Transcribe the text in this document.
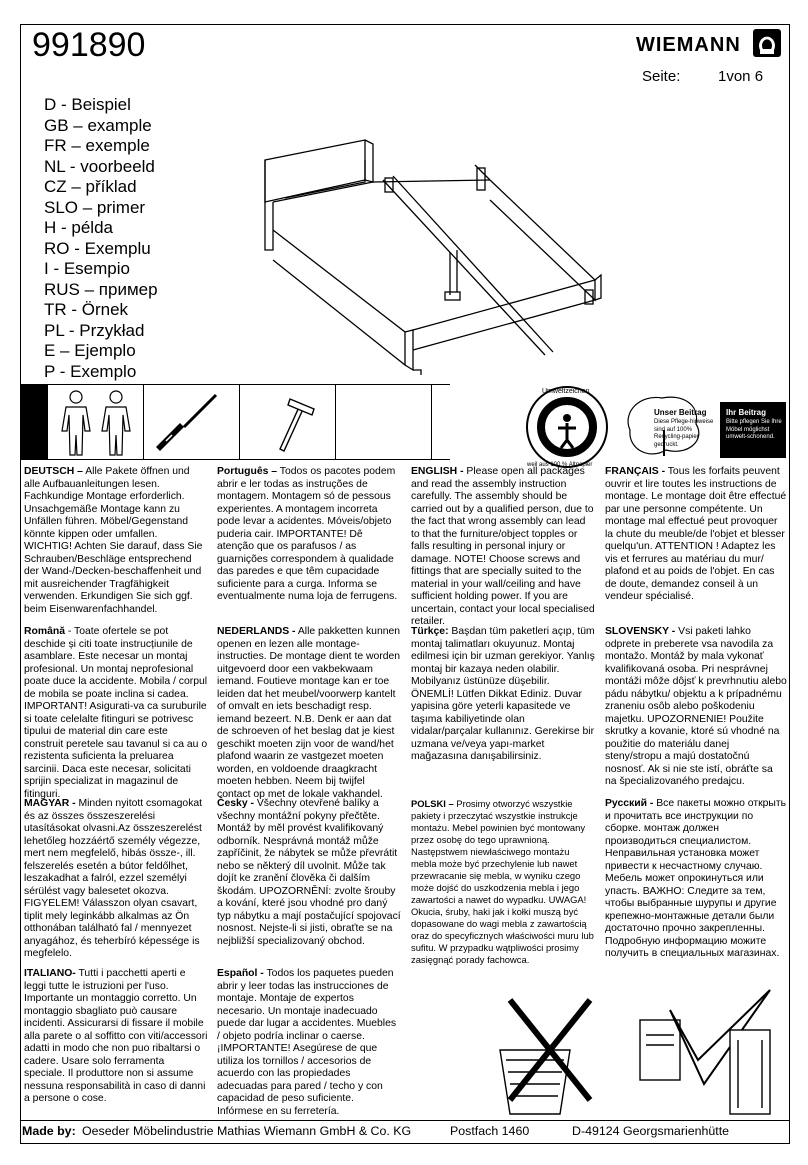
991890	WIEMANN
Seite:	1von 6
D - Beispiel
GB – example
FR – exemple
NL - voorbeeld
CZ – příklad
SLO – primer
H - példa
RO - Exemplu
I - Esempio
RUS – пример
TR - Örnek
PL - Przykład
E – Ejemplo
P - Exemplo
Umweltzeichen
weil aus 100 % Altpapier
Unser Beitrag
Diese Pflege-hinweise sind auf 100% Recycling-papier gedruckt.
Ihr Beitrag
Bitte pflegen Sie Ihre Möbel möglichst umwelt-schonend.

DEUTSCH – Alle Pakete öffnen und alle Aufbauanleitungen lesen. Fachkundige Montage erforderlich. Unsachgemäße Montage kann zu Unfällen führen. Möbel/Gegenstand könnte kippen oder umfallen. WICHTIG! Achten Sie darauf, dass Sie Schrauben/Beschläge entsprechend der Wand-/Decken-beschaffenheit und mit ausreichender Tragfähigkeit verwenden. Erkundigen Sie sich ggf. beim Eisenwarenfachhandel.

Română - Toate ofertele se pot deschide și citi toate instrucțiunile de asamblare. Este necesar un montaj profesional. Un montaj neprofesional poate duce la accidente. Mobila / corpul de mobila se poate inclina si cadea. IMPORTANT! Asigurati-va ca suruburile si toate celelalte fitinguri se potrivesc tipului de material din care este construit peretele sau tavanul si ca au o rezistenta suficienta la preluarea sarcinii. Daca este necesar, solicitati sprijin specializat in magazinul de fitinguri.

MAGYAR - Minden nyitott csomagokat és az összes összeszerelési utasításokat olvasni.Az összeszerelést lehetőleg hozzáértő személy végezze, mert nem megfelelő, hibás össze-, ill. felszerelés esetén a bútor feldőlhet, leszakadhat a falról, ezzel személyi sérülést vagy balesetet okozva. FIGYELEM! Válasszon olyan csavart, tiplit mely leginkább alkalmas az Ön otthonában található fal / mennyezet anyagához, és teherbíró képessége is megfelelo.

ITALIANO- Tutti i pacchetti aperti e leggi tutte le istruzioni per l'uso. Importante un montaggio corretto. Un montaggio sbagliato può causare incidenti. Assicurarsi di fissare il mobile alla parete o al soffitto con viti/accessori adatti in modo che non puo ribaltarsi o cadere. Usare solo ferramenta speciale. Il produttore non si assume nessuna responsabilità in caso di danni a persone o cose.

Português – Todos os pacotes podem abrir e ler todas as instruções de montagem. Montagem só de pessous experientes. A montagem incorreta pode levar a acidentes. Móveis/objeto puderia cair. IMPORTANTE! Dê atenção que os parafusos / as guarnições correspondem à qualidade das paredes e que têm cupacidade suficiente para a curga. Informa se eventualmente numa loja de ferrugens.

NEDERLANDS - Alle pakketten kunnen openen en lezen alle montage-instructies. De montage dient te worden uitgevoerd door een vakbekwaam iemand. Foutieve montage kan er toe leiden dat het meubel/voorwerp kantelt of omvalt en iets beschadigt resp. iemand bezeert. N.B. Denk er aan dat de schroeven of het beslag dat je kiest geschikt moeten zijn voor de wand/het plafond waarin ze vastgezet moeten worden, en voldoende draagkracht moeten hebben. Neem bij twijfel contact op met de lokale vakhandel.

Česky - Všechny otevřené balíky a všechny montážní pokyny přečtěte. Montáž by měl provést kvalifikovaný odborník. Nesprávná montáž může zapříčinit, že nábytek se může převrátit nebo se některý díl uvolnit. Může tak dojít ke zranění člověka či dalším škodám. UPOZORNĚNÍ: zvolte šrouby a kování, které jsou vhodné pro daný typ nábytku a mají postačující spojovací nosnost. Nejste-li si jisti, obraťte se na nejbližší specializovaný obchod.

Español - Todos los paquetes pueden abrir y leer todas las instrucciones de montaje. Montaje de expertos necesario. Un montaje inadecuado puede dar lugar a accidentes. Muebles / objeto podría inclinar o caerse. ¡IMPORTANTE! Asegúrese de que utiliza los tornillos / accesorios de acuerdo con las propiedades adecuadas para pared / techo y con capacidad de peso suficiente. Infórmese en su ferretería.

ENGLISH - Please open all packages and read the assembly instruction carefully. The assembly should be carried out by a qualified person, due to the fact that wrong assembly can lead to that the furniture/object topples or falls resulting in personal injury or damage. NOTE! Choose screws and fittings that are specially suited to the material in your wall/ceiling and have sufficient holding power. If you are uncertain, contact your local specialised retailer.

Türkçe: Başdan tüm paketleri açıp, tüm montaj talimatları okuyunuz. Montaj edilmesi için bir uzman gerekiyor. Yanlış montaj bir kazaya neden olabilir. Mobilyanız üstünüze düşebilir. ÖNEMLİ! Lütfen Dikkat Ediniz. Duvar yapisina göre yeterli kapasitede ve taşıma kabiliyetinde olan vidalar/parçalar kullanınız. Gerekirse bir uzmana ve/veya yapı-market mağazasına danışabilirsiniz.

POLSKI – Prosimy otworzyć wszystkie pakiety i przeczytać wszystkie instrukcje montażu. Mebel powinien być montowany przez osobę do tego uprawnioną. Następstwem niewłaściwego montażu mebla może być przechylenie lub nawet przewracanie się mebla, w wyniku czego może dojść do uszkodzenia mebla i jego zawartości a nawet do wypadku. UWAGA! Okucia, śruby, haki jak i kołki muszą być dopasowane do wagi mebla z zawartością oraz do specyficznych właściwości muru lub sufitu. W przypadku wątpliwości prosimy zasięgnąć porady fachowca.

FRANÇAIS - Tous les forfaits peuvent ouvrir et lire toutes les instructions de montage. Le montage doit être effectué par une personne compétente. Un montage mal effectué peut provoquer la chute du meuble/de l'objet et blesser quelqu'un. ATTENTION ! Adaptez les vis et ferrures au matériau du mur/ plafond et au poids de l'objet. En cas de doute, demandez conseil à un vendeur spécialisé.

SLOVENSKY - Vsi paketi lahko odprete in preberete vsa navodila za montažo. Montáž by mala vykonať kvalifikovaná osoba. Pri nesprávnej montáži môže dôjsť k prevrhnutiu alebo pádu nábytku/ objektu a k prípadnému zraneniu osôb alebo poškodeniu majetku. UPOZORNENIE! Použite skrutky a kovanie, ktoré sú vhodné na použitie do materiálu danej steny/stropu a majú dostatočnú nosnosť. Ak si nie ste istí, obráťte sa na špecializovaného predajcu.

Русский - Все пакеты можно открыть и прочитать все инструкции по сборке. монтаж должен производиться специалистом. Неправильная установка может привести к несчастному случаю. Мебель может опрокинуться или упасть. ВАЖНО: Следите за тем, чтобы выбранные шурупы и другие крепежно-монтажные детали были достаточно прочно закрепленны. Подробную информацию можите получить в специальных магазинах.

Made by: Oeseder Möbelindustrie Mathias Wiemann GmbH & Co. KG	Postfach 1460	D-49124 Georgsmarienhütte
